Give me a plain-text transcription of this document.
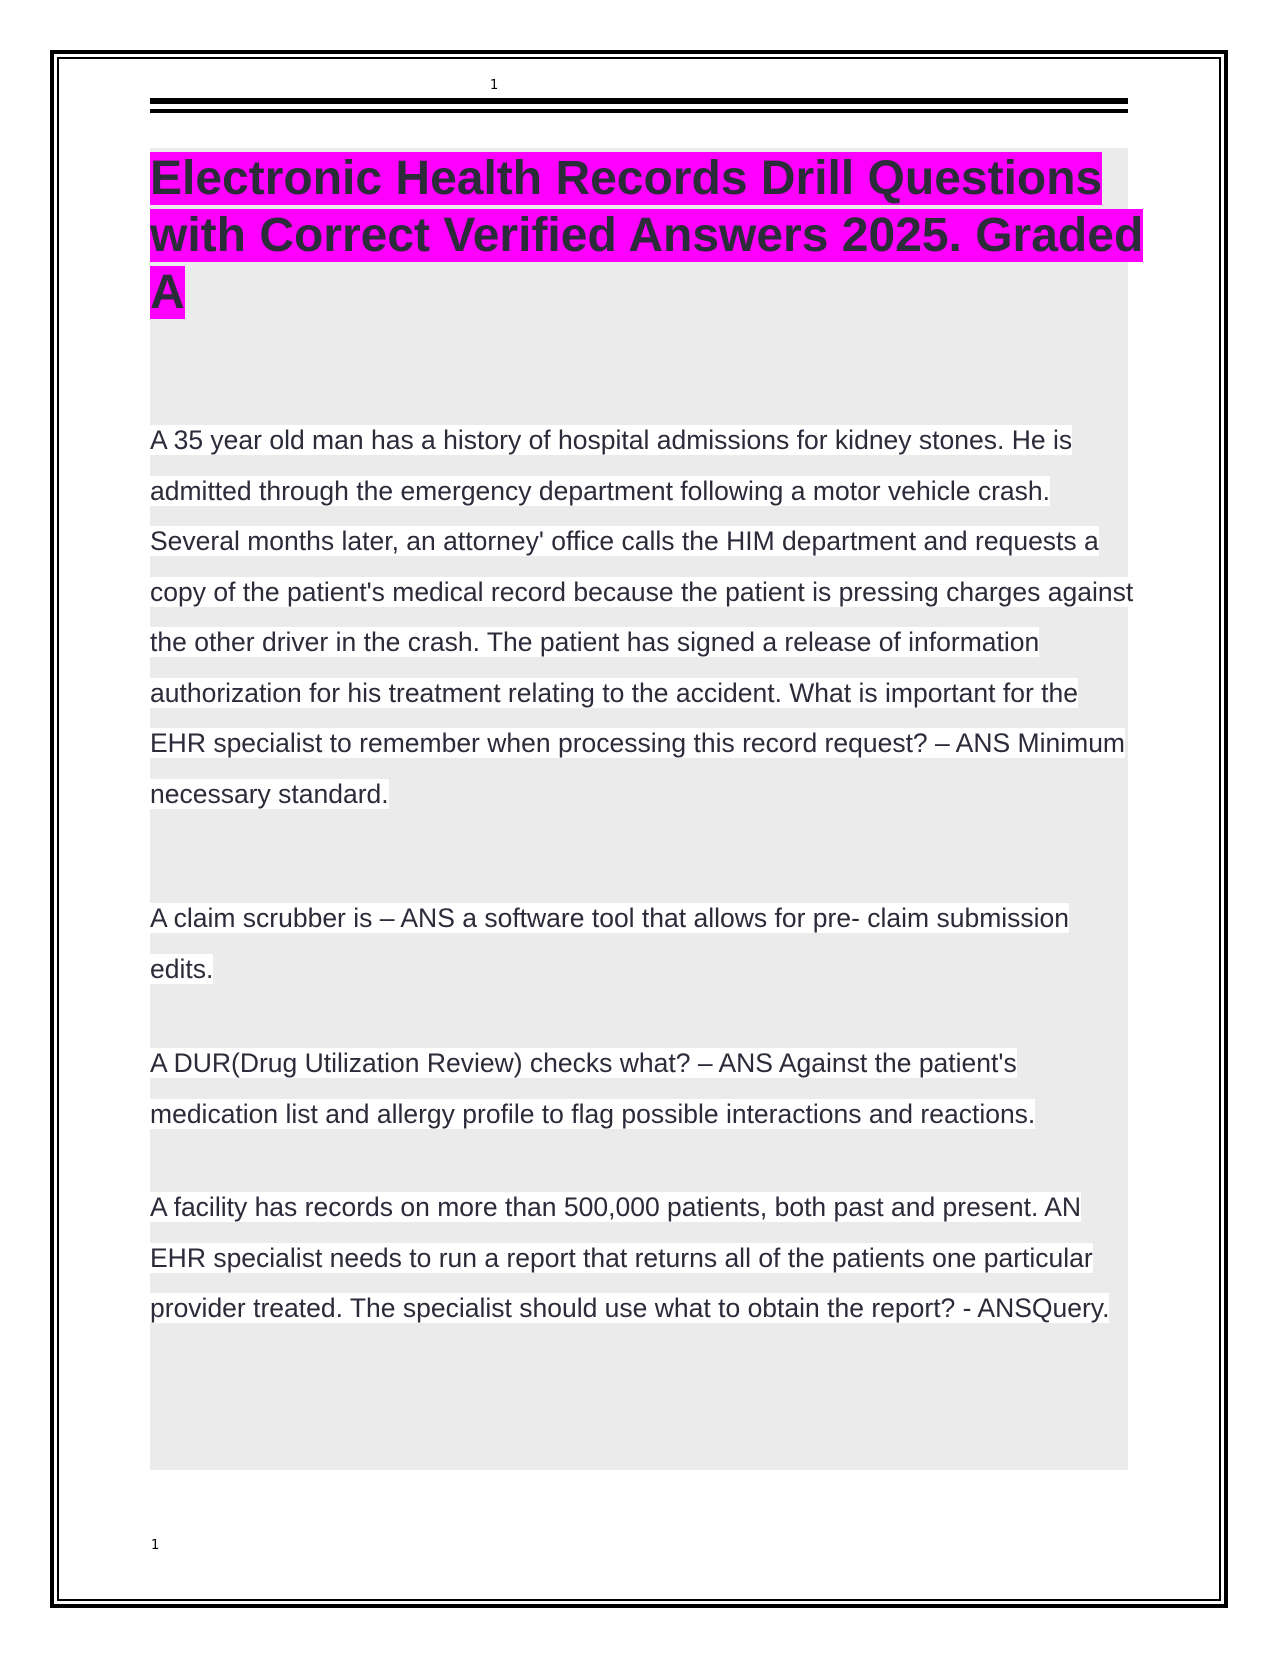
1
Electronic Health Records Drill Questions with Correct Verified Answers 2025. Graded A

A 35 year old man has a history of hospital admissions for kidney stones. He is admitted through the emergency department following a motor vehicle crash. Several months later, an attorney' office calls the HIM department and requests a copy of the patient's medical record because the patient is pressing charges against the other driver in the crash. The patient has signed a release of information authorization for his treatment relating to the accident. What is important for the EHR specialist to remember when processing this record request? – ANS Minimum necessary standard.

A claim scrubber is – ANS a software tool that allows for pre- claim submission edits.

A DUR(Drug Utilization Review) checks what? – ANS Against the patient's medication list and allergy profile to flag possible interactions and reactions.

A facility has records on more than 500,000 patients, both past and present. AN EHR specialist needs to run a report that returns all of the patients one particular provider treated. The specialist should use what to obtain the report? - ANSQuery.

1
